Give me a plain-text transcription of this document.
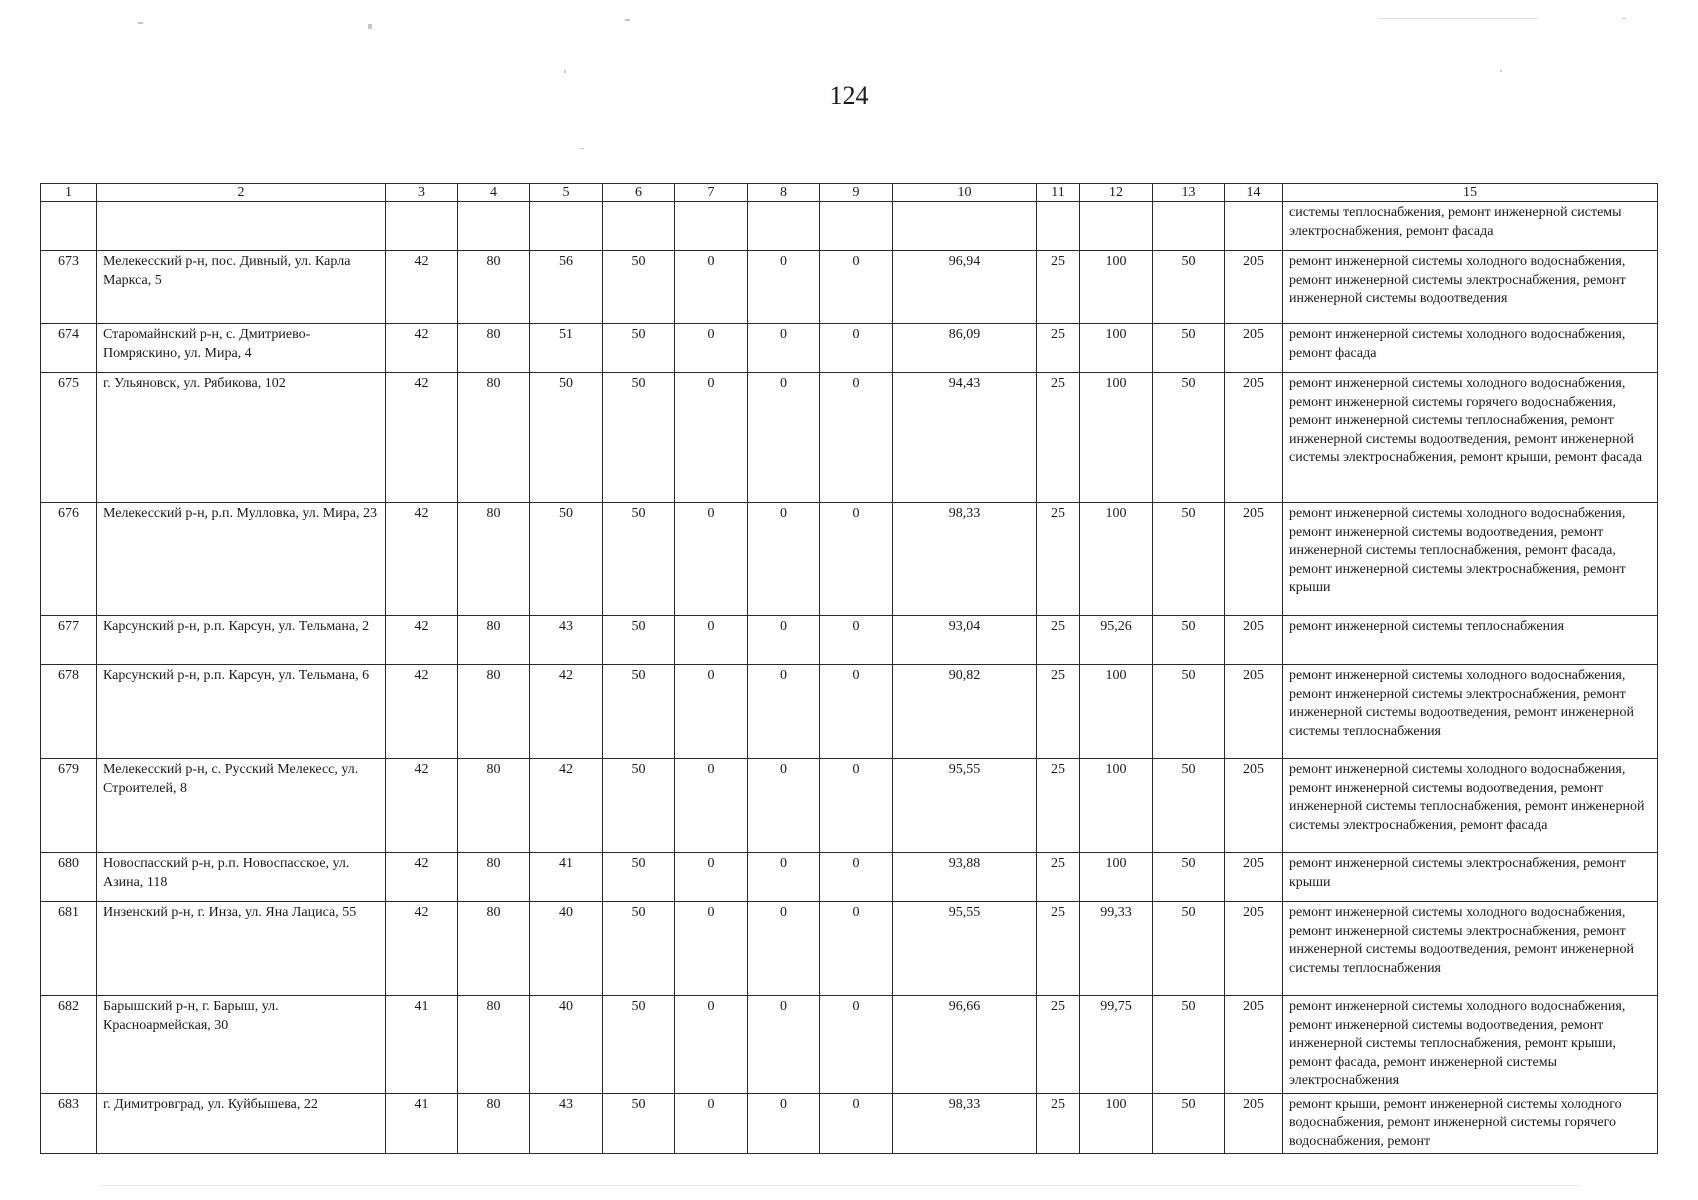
124
1	2	3	4	5	6	7	8	9	10	11	12	13	14	15
														системы теплоснабжения, ремонт инженерной системы электроснабжения, ремонт фасада
673	Мелекесский р-н, пос. Дивный, ул. Карла Маркса, 5	42	80	56	50	0	0	0	96,94	25	100	50	205	ремонт инженерной системы холодного водоснабжения, ремонт инженерной системы электроснабжения, ремонт инженерной системы водоотведения
674	Старомайнский р-н, с. Дмитриево-Помряскино, ул. Мира, 4	42	80	51	50	0	0	0	86,09	25	100	50	205	ремонт инженерной системы холодного водоснабжения, ремонт фасада
675	г. Ульяновск, ул. Рябикова, 102	42	80	50	50	0	0	0	94,43	25	100	50	205	ремонт инженерной системы холодного водоснабжения, ремонт инженерной системы горячего водоснабжения, ремонт инженерной системы теплоснабжения, ремонт инженерной системы водоотведения, ремонт инженерной системы электроснабжения, ремонт крыши, ремонт фасада
676	Мелекесский р-н, р.п. Мулловка, ул. Мира, 23	42	80	50	50	0	0	0	98,33	25	100	50	205	ремонт инженерной системы холодного водоснабжения, ремонт инженерной системы водоотведения, ремонт инженерной системы теплоснабжения, ремонт фасада, ремонт инженерной системы электроснабжения, ремонт крыши
677	Карсунский р-н, р.п. Карсун, ул. Тельмана, 2	42	80	43	50	0	0	0	93,04	25	95,26	50	205	ремонт инженерной системы теплоснабжения
678	Карсунский р-н, р.п. Карсун, ул. Тельмана, 6	42	80	42	50	0	0	0	90,82	25	100	50	205	ремонт инженерной системы холодного водоснабжения, ремонт инженерной системы электроснабжения, ремонт инженерной системы водоотведения, ремонт инженерной системы теплоснабжения
679	Мелекесский р-н, с. Русский Мелекесс, ул. Строителей, 8	42	80	42	50	0	0	0	95,55	25	100	50	205	ремонт инженерной системы холодного водоснабжения, ремонт инженерной системы водоотведения, ремонт инженерной системы теплоснабжения, ремонт инженерной системы электроснабжения, ремонт фасада
680	Новоспасский р-н, р.п. Новоспасское, ул. Азина, 118	42	80	41	50	0	0	0	93,88	25	100	50	205	ремонт инженерной системы электроснабжения, ремонт крыши
681	Инзенский р-н, г. Инза, ул. Яна Лациса, 55	42	80	40	50	0	0	0	95,55	25	99,33	50	205	ремонт инженерной системы холодного водоснабжения, ремонт инженерной системы электроснабжения, ремонт инженерной системы водоотведения, ремонт инженерной системы теплоснабжения
682	Барышский р-н, г. Барыш, ул. Красноармейская, 30	41	80	40	50	0	0	0	96,66	25	99,75	50	205	ремонт инженерной системы холодного водоснабжения, ремонт инженерной системы водоотведения, ремонт инженерной системы теплоснабжения, ремонт крыши, ремонт фасада, ремонт инженерной системы электроснабжения
683	г. Димитровград, ул. Куйбышева, 22	41	80	43	50	0	0	0	98,33	25	100	50	205	ремонт крыши, ремонт инженерной системы холодного водоснабжения, ремонт инженерной системы горячего водоснабжения, ремонт
